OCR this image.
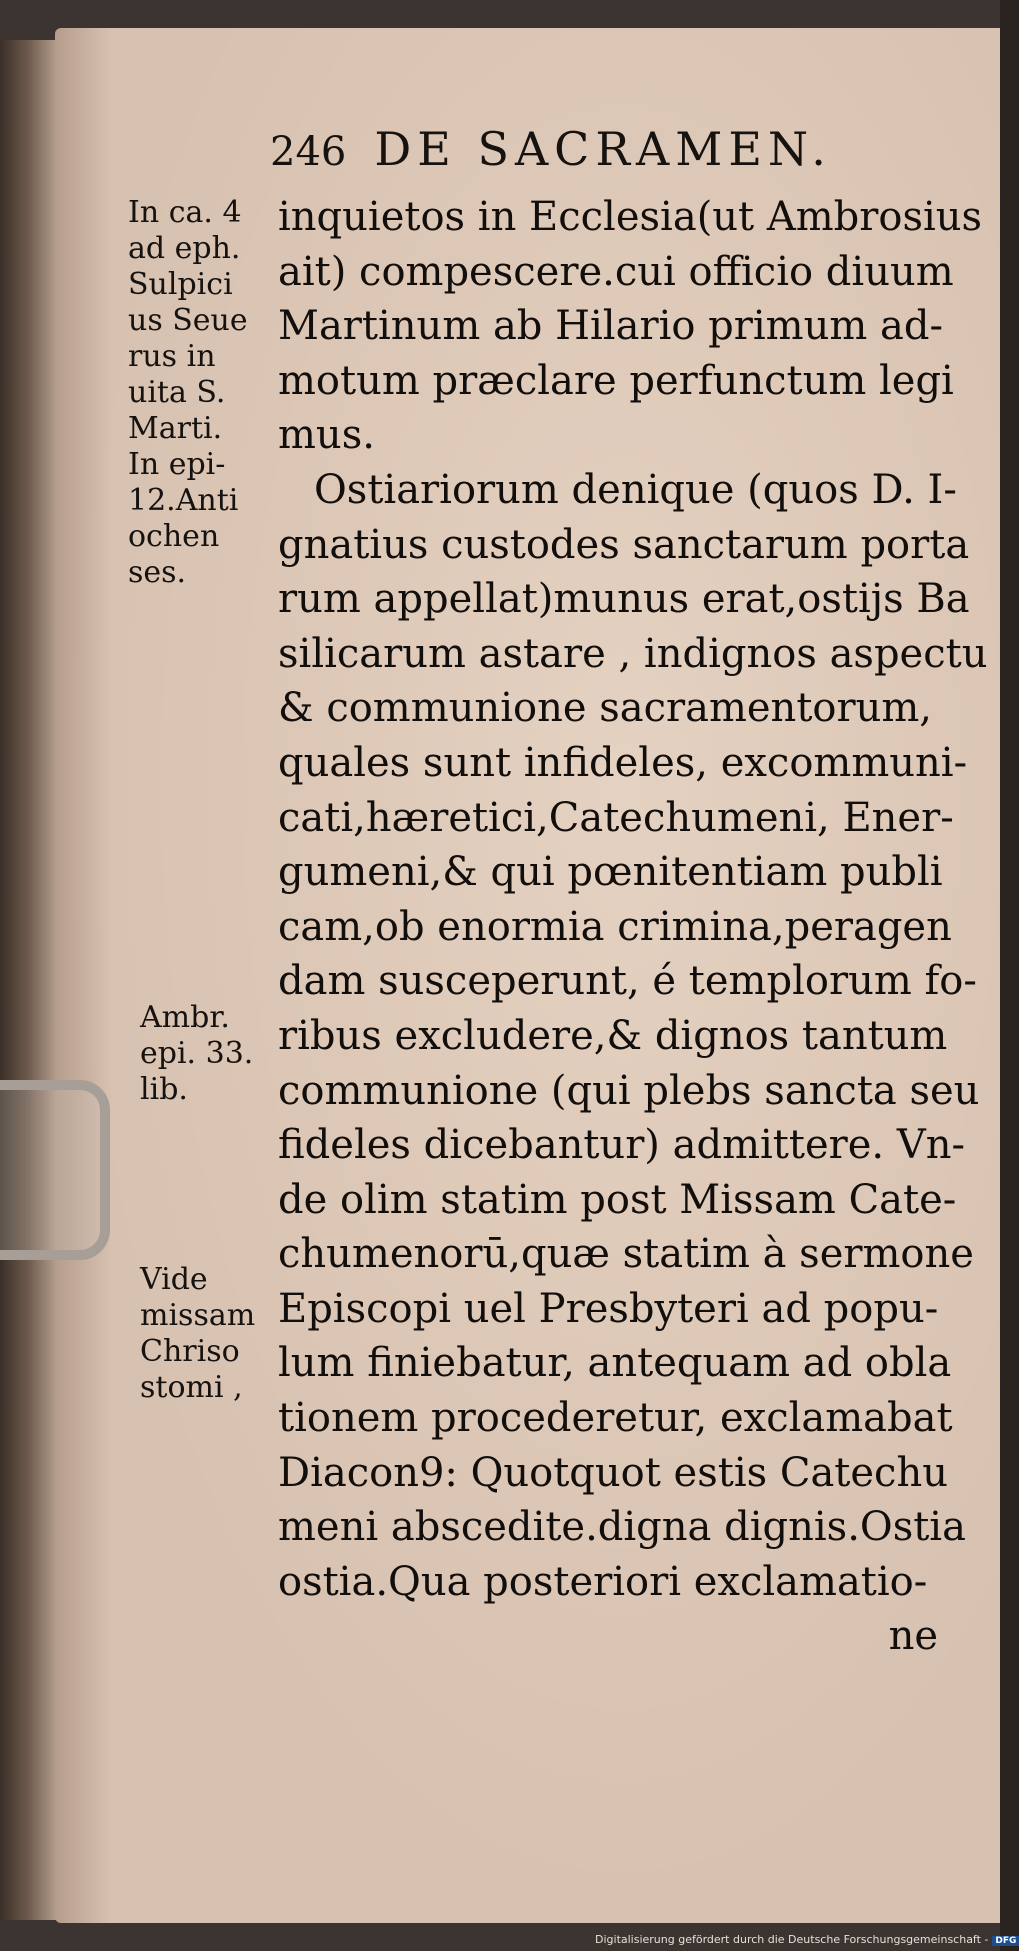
246 DE SACRAMEN.
In ca. 4
ad eph.
Sulpici
us Seue
rus in
uita S.
Marti.
In epi-
12.Anti
ochen
ses.
Ambr.
epi. 33.
lib.
Vide
missam
Chriso
stomi ,
inquietos in Ecclesia(ut Ambrosius
ait) compescere.cui officio diuum
Martinum ab Hilario primum ad-
motum præclare perfunctum legi
mus.
Ostiariorum denique (quos D. I-
gnatius custodes sanctarum porta
rum appellat)munus erat,ostijs Ba
silicarum astare , indignos aspectu
& communione sacramentorum,
quales sunt infideles, excommuni-
cati,hæretici,Catechumeni, Ener-
gumeni,& qui pœnitentiam publi
cam,ob enormia crimina,peragen
dam susceperunt, é templorum fo-
ribus excludere,& dignos tantum
communione (qui plebs sancta seu
fideles dicebantur) admittere. Vn-
de olim statim post Missam Cate-
chumenorū,quæ statim à sermone
Episcopi uel Presbyteri ad popu-
lum finiebatur, antequam ad obla
tionem procederetur, exclamabat
Diacon9: Quotquot estis Catechu
meni abscedite.digna dignis.Ostia
ostia.Qua posteriori exclamatio-
ne
Digitalisierung gefördert durch die Deutsche Forschungsgemeinschaft - DFG
